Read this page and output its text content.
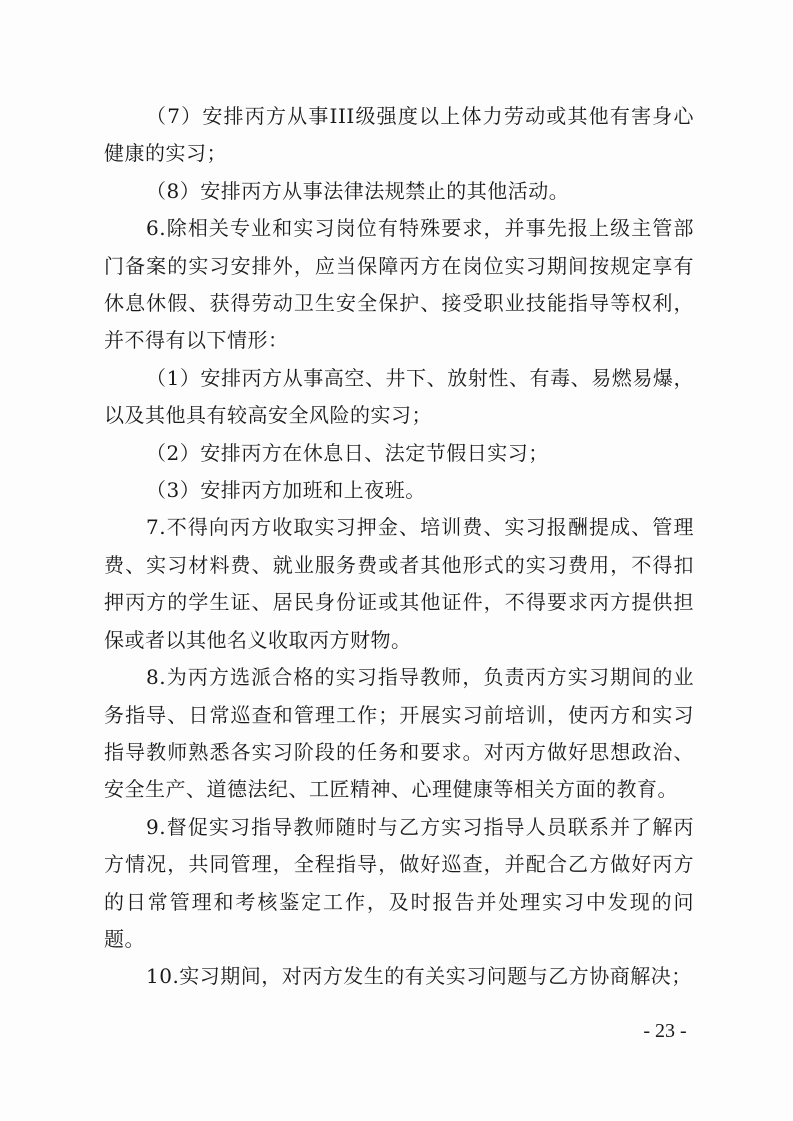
（7）安排丙方从事III级强度以上体力劳动或其他有害身心健康的实习；

（8）安排丙方从事法律法规禁止的其他活动。

6.除相关专业和实习岗位有特殊要求，并事先报上级主管部门备案的实习安排外，应当保障丙方在岗位实习期间按规定享有休息休假、获得劳动卫生安全保护、接受职业技能指导等权利，并不得有以下情形：

（1）安排丙方从事高空、井下、放射性、有毒、易燃易爆，以及其他具有较高安全风险的实习；

（2）安排丙方在休息日、法定节假日实习；

（3）安排丙方加班和上夜班。

7.不得向丙方收取实习押金、培训费、实习报酬提成、管理费、实习材料费、就业服务费或者其他形式的实习费用，不得扣押丙方的学生证、居民身份证或其他证件，不得要求丙方提供担保或者以其他名义收取丙方财物。

8.为丙方选派合格的实习指导教师，负责丙方实习期间的业务指导、日常巡查和管理工作；开展实习前培训，使丙方和实习指导教师熟悉各实习阶段的任务和要求。对丙方做好思想政治、安全生产、道德法纪、工匠精神、心理健康等相关方面的教育。

9.督促实习指导教师随时与乙方实习指导人员联系并了解丙方情况，共同管理，全程指导，做好巡查，并配合乙方做好丙方的日常管理和考核鉴定工作，及时报告并处理实习中发现的问题。

10.实习期间，对丙方发生的有关实习问题与乙方协商解决；

- 23 -
